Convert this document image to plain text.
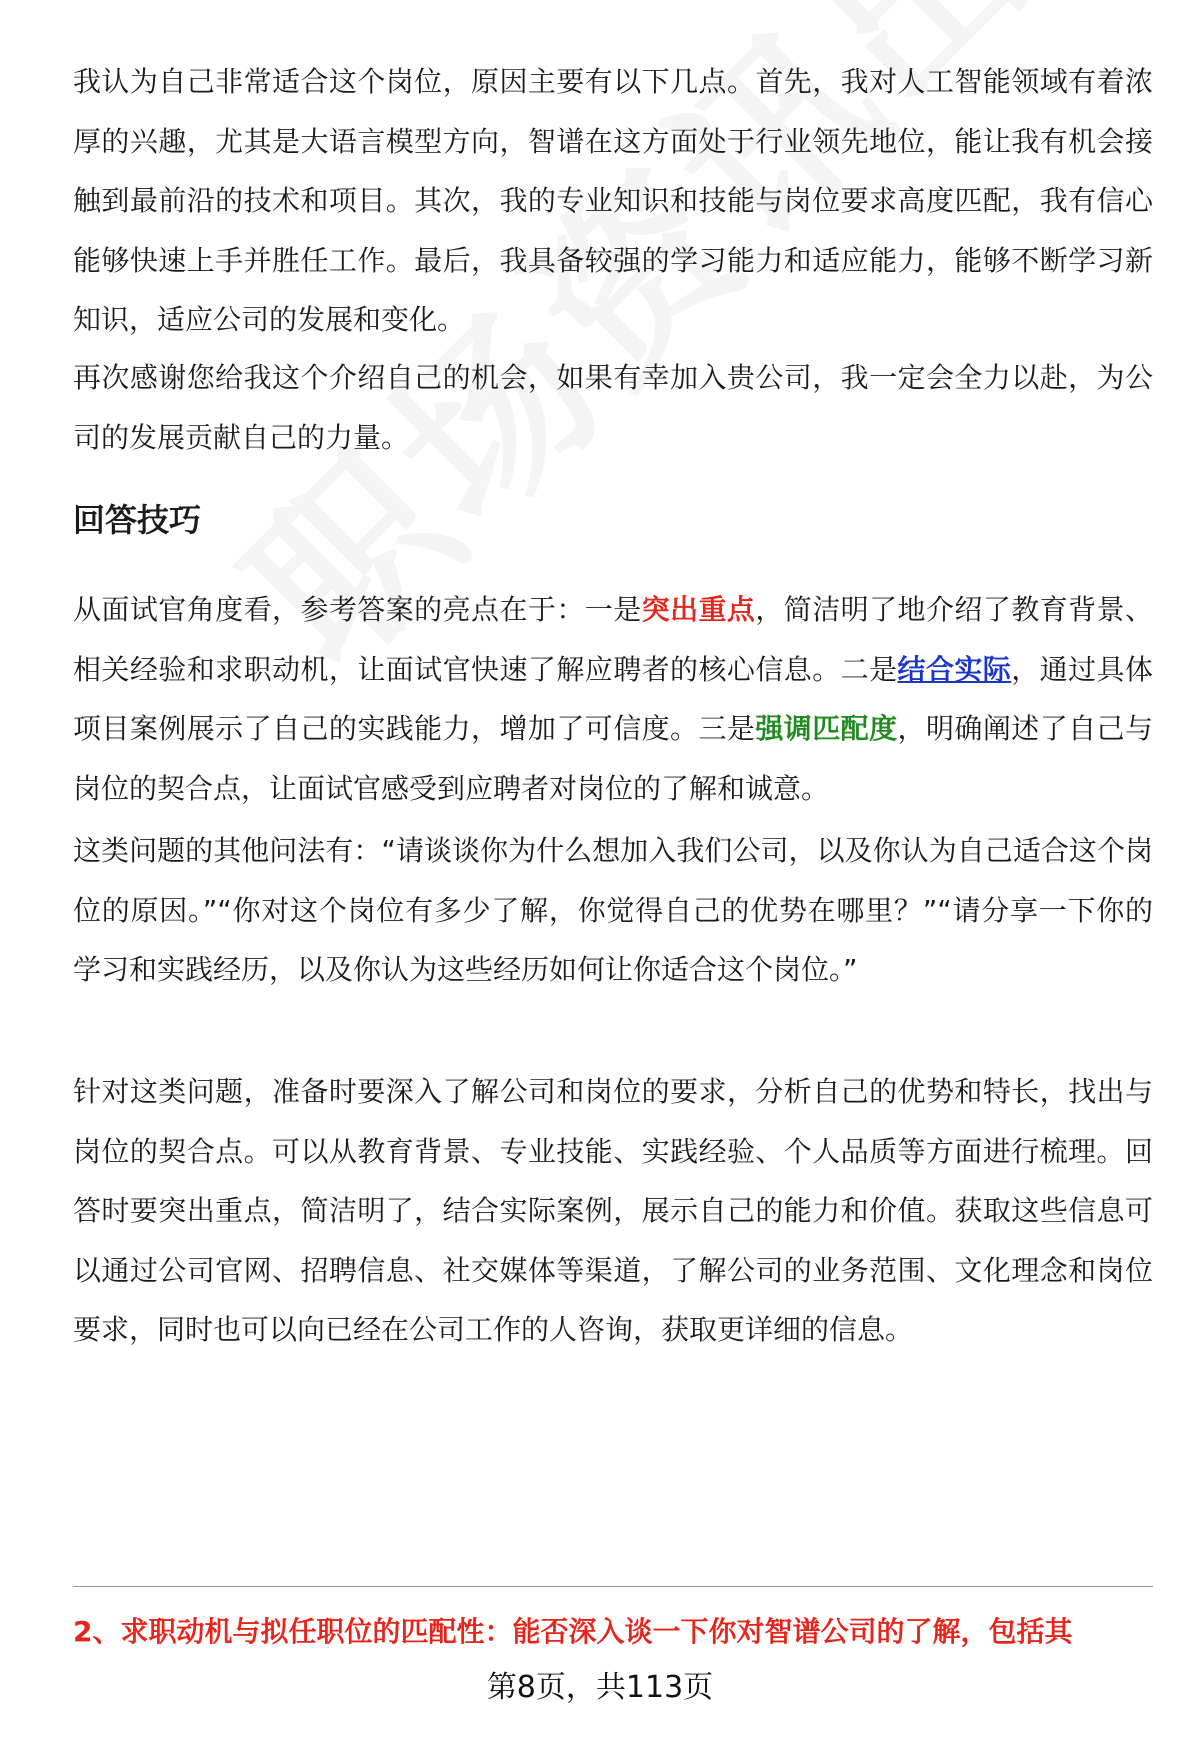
我认为自己非常适合这个岗位，原因主要有以下几点。首先，我对人工智能领域有着浓厚的兴趣，尤其是大语言模型方向，智谱在这方面处于行业领先地位，能让我有机会接触到最前沿的技术和项目。其次，我的专业知识和技能与岗位要求高度匹配，我有信心能够快速上手并胜任工作。最后，我具备较强的学习能力和适应能力，能够不断学习新知识，适应公司的发展和变化。

再次感谢您给我这个介绍自己的机会，如果有幸加入贵公司，我一定会全力以赴，为公司的发展贡献自己的力量。

回答技巧

从面试官角度看，参考答案的亮点在于：一是突出重点，简洁明了地介绍了教育背景、相关经验和求职动机，让面试官快速了解应聘者的核心信息。二是结合实际，通过具体项目案例展示了自己的实践能力，增加了可信度。三是强调匹配度，明确阐述了自己与岗位的契合点，让面试官感受到应聘者对岗位的了解和诚意。

这类问题的其他问法有：“请谈谈你为什么想加入我们公司，以及你认为自己适合这个岗位的原因。”“你对这个岗位有多少了解，你觉得自己的优势在哪里？”“请分享一下你的学习和实践经历，以及你认为这些经历如何让你适合这个岗位。”

针对这类问题，准备时要深入了解公司和岗位的要求，分析自己的优势和特长，找出与岗位的契合点。可以从教育背景、专业技能、实践经验、个人品质等方面进行梳理。回答时要突出重点，简洁明了，结合实际案例，展示自己的能力和价值。获取这些信息可以通过公司官网、招聘信息、社交媒体等渠道，了解公司的业务范围、文化理念和岗位要求，同时也可以向已经在公司工作的人咨询，获取更详细的信息。

2、求职动机与拟任职位的匹配性：能否深入谈一下你对智谱公司的了解，包括其
第8页，共113页
